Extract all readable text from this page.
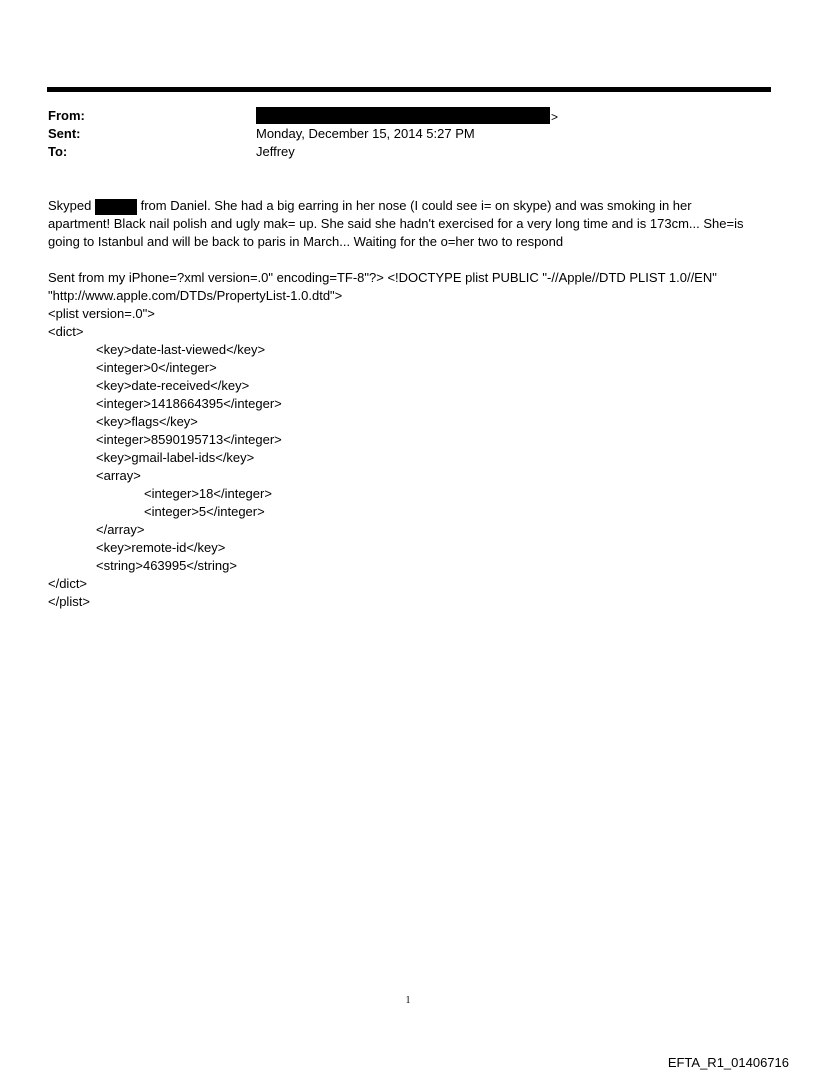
From:	>
Sent:	Monday, December 15, 2014 5:27 PM
To:	Jeffrey

Skyped	from Daniel. She had a big earring in her nose (I could see i= on skype) and was smoking in her

apartment! Black nail polish and ugly mak= up. She said she hadn't exercised for a very long time and is 173cm... She=is

going to Istanbul and will be back to paris in March... Waiting for the o=her two to respond

Sent from my iPhone=?xml version=.0" encoding=TF-8"?> <!DOCTYPE plist PUBLIC "-//Apple//DTD PLIST 1.0//EN"
"http://www.apple.com/DTDs/PropertyList-1.0.dtd">
<plist version=.0">
<dict>
<key>date-last-viewed</key>
<integer>0</integer>
<key>date-received</key>
<integer>1418664395</integer>
<key>flags</key>
<integer>8590195713</integer>
<key>gmail-label-ids</key>
<array>
<integer>18</integer>
<integer>5</integer>
</array>
<key>remote-id</key>
<string>463995</string>
</dict>
</plist>
1
EFTA_R1_01406716
